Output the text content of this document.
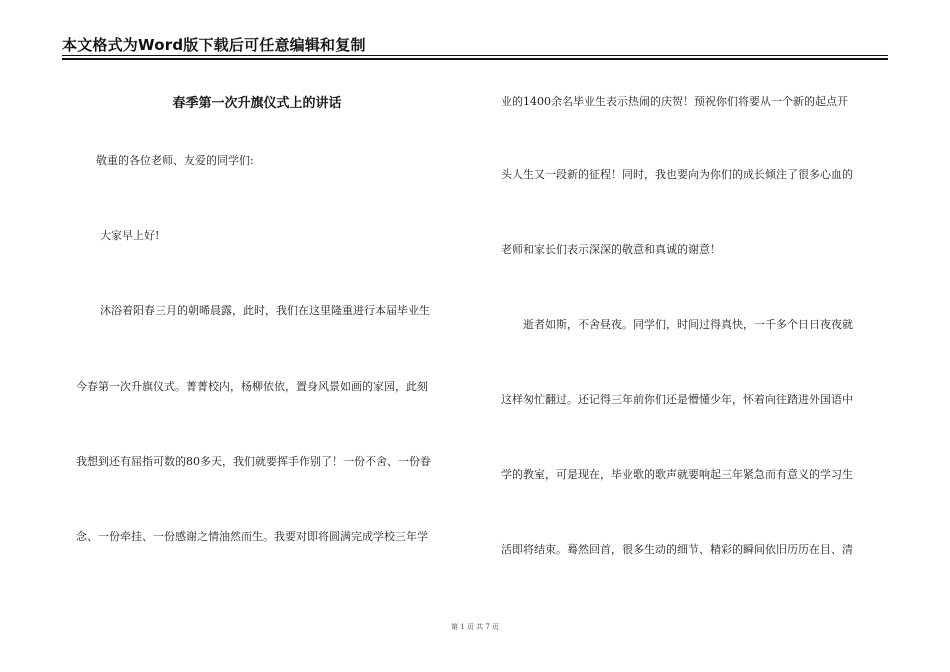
本文格式为Word版下载后可任意编辑和复制
春季第一次升旗仪式上的讲话
敬重的各位老师、友爱的同学们:
大家早上好!
沐浴着阳春三月的朝晞晨露，此时，我们在这里隆重进行本届毕业生
今春第一次升旗仪式。菁菁校内，杨柳依依，置身风景如画的家园，此刻
我想到还有屈指可数的80多天，我们就要挥手作别了！一份不舍、一份眷
念、一份牵挂、一份感谢之情油然而生。我要对即将圆满完成学校三年学
业的1400余名毕业生表示热闹的庆贺！预祝你们将要从一个新的起点开
头人生又一段新的征程！同时，我也要向为你们的成长倾注了很多心血的
老师和家长们表示深深的敬意和真诚的谢意！
逝者如斯，不舍昼夜。同学们，时间过得真快，一千多个日日夜夜就
这样匆忙翻过。还记得三年前你们还是懵懂少年，怀着向往踏进外国语中
学的教室，可是现在，毕业歌的歌声就要响起三年紧急而有意义的学习生
活即将结束。蓦然回首，很多生动的细节、精彩的瞬间依旧历历在目、清
第 1 页 共 7 页
